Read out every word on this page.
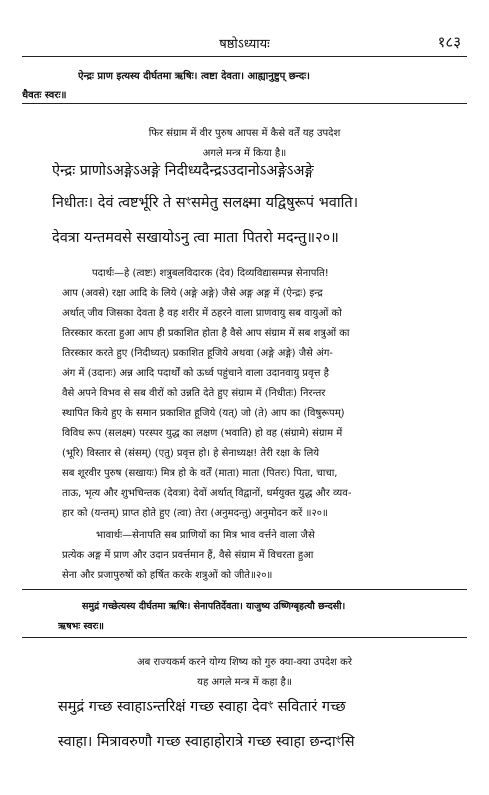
षष्ठोऽध्यायः	१८३
ऐन्द्रः प्राण इत्यस्य दीर्घतमा ऋषिः। त्वष्टा देवता। आह्यानुष्टुप् छन्दः।
धैवतः स्वरः॥
फिर संग्राम में वीर पुरुष आपस में कैसे वर्तें यह उपदेश
अगले मन्त्र में किया है॥
ऐन्द्रः प्राणोऽअङ्गेऽअङ्गे निदीध्यदैन्द्रऽउदानोऽअङ्गेऽअङ्गे
निधीतः। देवं त्वष्टर्भूरि ते सꣳसमेतु सलक्ष्मा यद्विषुरूपं भवाति।
देवत्रा यन्तमवसे सखायोऽनु त्वा माता पितरो मदन्तु॥२०॥
पदार्थः—हे (त्वष्टः) शत्रुबलविदारक (देव) दिव्यविद्यासम्पन्न सेनापति!
आप (अवसे) रक्षा आदि के लिये (अङ्गे अङ्गे) जैसे अङ्ग अङ्ग में (ऐन्द्रः) इन्द्र
अर्थात् जीव जिसका देवता है वह शरीर में ठहरने वाला प्राणवायु सब वायुओं को
तिरस्कार करता हुआ आप ही प्रकाशित होता है वैसे आप संग्राम में सब शत्रुओं का
तिरस्कार करते हुए (निदीध्यत्) प्रकाशित हूजिये अथवा (अङ्गे अङ्गे) जैसे अंग-
अंग में (उदानः) अन्न आदि पदार्थों को ऊर्ध्व पहुंचाने वाला उदानवायु प्रवृत्त है
वैसे अपने विभव से सब वीरों को उन्नति देते हुए संग्राम में (निधीतः) निरन्तर
स्थापित किये हुए के समान प्रकाशित हूजिये (यत्) जो (ते) आप का (विषुरूपम्)
विविध रूप (सलक्ष्म) परस्पर युद्ध का लक्षण (भवाति) हो वह (संग्रामे) संग्राम में
(भूरि) विस्तार से (संसम्) (एतु) प्रवृत्त हो। हे सेनाध्यक्ष! तेरी रक्षा के लिये
सब शूरवीर पुरुष (सखायः) मित्र हो के वर्तें (माता) माता (पितरः) पिता, चाचा,
ताऊ, भृत्य और शुभचिन्तक (देवत्रा) देवों अर्थात् विद्वानों, धर्मयुक्त युद्ध और व्यव-
हार को (यन्तम्) प्राप्त होते हुए (त्वा) तेरा (अनुमदन्तु) अनुमोदन करें ॥२०॥
भावार्थः—सेनापति सब प्राणियों का मित्र भाव वर्त्तने वाला जैसे
प्रत्येक अङ्ग में प्राण और उदान प्रवर्त्तमान हैं, वैसे संग्राम में विचरता हुआ
सेना और प्रजापुरुषों को हर्षित करके शत्रुओं को जीते॥२०॥
समुद्रं गच्छेत्यस्य दीर्घतमा ऋषिः। सेनापतिर्देवता। याजुष्य उष्णिग्बृहत्यौ छन्दसी।
ऋषभः स्वरः॥
अब राज्यकर्म करने योग्य शिष्य को गुरु क्या-क्या उपदेश करे
यह अगले मन्त्र में कहा है॥
समुद्रं गच्छ स्वाहाऽन्तरिक्षं गच्छ स्वाहा देवꣳ सवितारं गच्छ
स्वाहा। मित्रावरुणौ गच्छ स्वाहाहोरात्रे गच्छ स्वाहा छन्दाꣳसि
